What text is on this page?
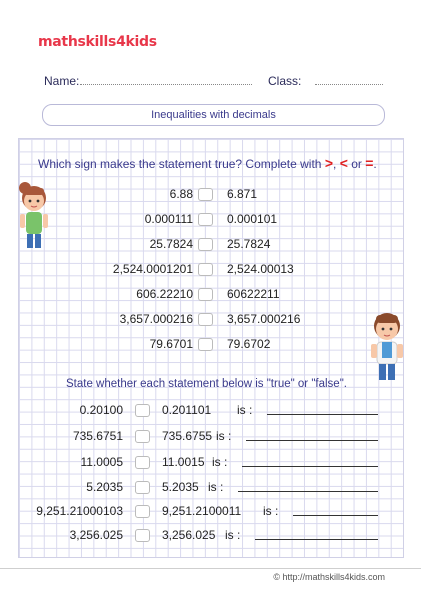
mathskills4kids
Name:	Class:
Inequalities with decimals
Which sign makes the statement true? Complete with >, < or =.
6.88	6.871
0.000111	0.000101
25.7824	25.7824
2,524.0001201	2,524.00013
606.22210	60622211
3,657.000216	3,657.000216
79.6701	79.6702
State whether each statement below is "true" or "false".
0.20100	0.201101 is :
735.6751	735.6755 is :
11.0005	11.0015 is :
5.2035	5.2035 is :
9,251.21000103	9,251.2100011 is :
3,256.025	3,256.025 is :
© http://mathskills4kids.com
